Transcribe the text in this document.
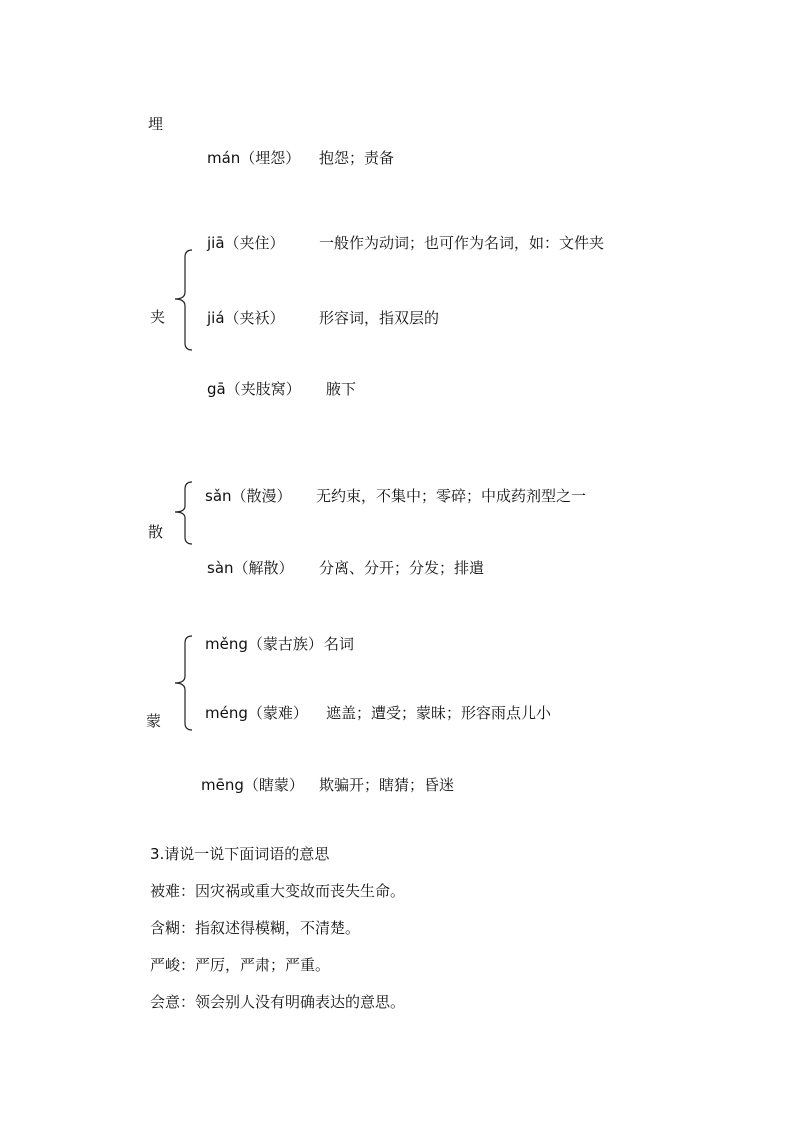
埋
mán（埋怨） 抱怨；责备
夹
jiā（夹住） 一般作为动词；也可作为名词，如：文件夹
jiá（夹袄） 形容词，指双层的
gā（夹肢窝） 腋下
散
sǎn（散漫） 无约束，不集中；零碎；中成药剂型之一
sàn（解散） 分离、分开；分发；排遣
蒙
měng（蒙古族） 名词
méng（蒙难） 遮盖；遭受；蒙昧；形容雨点儿小
mēng（瞎蒙） 欺骗开；瞎猜；昏迷
3.请说一说下面词语的意思
被难：因灾祸或重大变故而丧失生命。
含糊：指叙述得模糊，不清楚。
严峻：严厉，严肃；严重。
会意：领会别人没有明确表达的意思。
